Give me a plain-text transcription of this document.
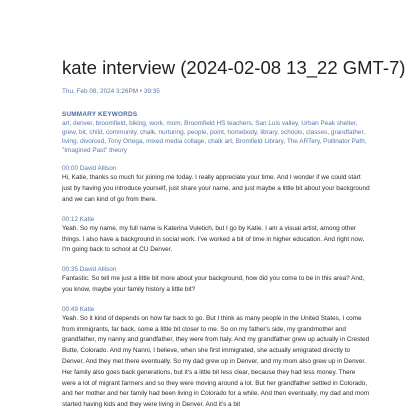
kate interview (2024-02-08 13_22 GMT-7)
Thu, Feb 08, 2024 3:26PM • 39:35
SUMMARY KEYWORDS
art, denver, broomfield, biking, work, mom, Broomfield HS teachers, San Luis valley, Urban Peak shelter, grew, bit, child, community, chalk, nurturing, people, point, homebody, library, schools, classes, grandfather, living, divorced, Tony Ortega, mixed media collage, chalk art, Bromfield Library, The ARTery, Pollinator Path, "Imagined Past" theory
00:00 David Allison
Hi, Katie, thanks so much for joining me today. I really appreciate your time. And I wonder if we could start just by having you introduce yourself, just share your name, and just maybe a little bit about your background and we can kind of go from there.
00:12 Katie
Yeah. So my name, my full name is Katerina Vuletich, but I go by Katie. I am a visual artist, among other things. I also have a background in social work. I've worked a bit of time in higher education. And right now, I'm going back to school at CU Denver.
00:35 David Allison
Fantastic. So tell me just a little bit more about your background, how did you come to be in this area? And, you know, maybe your family history a little bit?
00:49 Katie
Yeah. So it kind of depends on how far back to go. But I think as many people in the United States, I come from immigrants, far back, some a little bit closer to me. So on my father's side, my grandmother and grandfather, my nanny and grandfather, they were from Italy. And my grandfather grew up actually in Crested Butte, Colorado. And my Nanni, I believe, when she first immigrated, she actually emigrated directly to Denver. And they met there eventually. So my dad grew up in Denver, and my mom also grew up in Denver. Her family also goes back generations, but it's a little bit less clear, because they had less money. There were a lot of migrant farmers and so they were moving around a lot. But her grandfather settled in Colorado, and her mother and her family had been living in Colorado for a while. And then eventually, my dad and mom started having kids and they were living in Denver. And it's a bit
